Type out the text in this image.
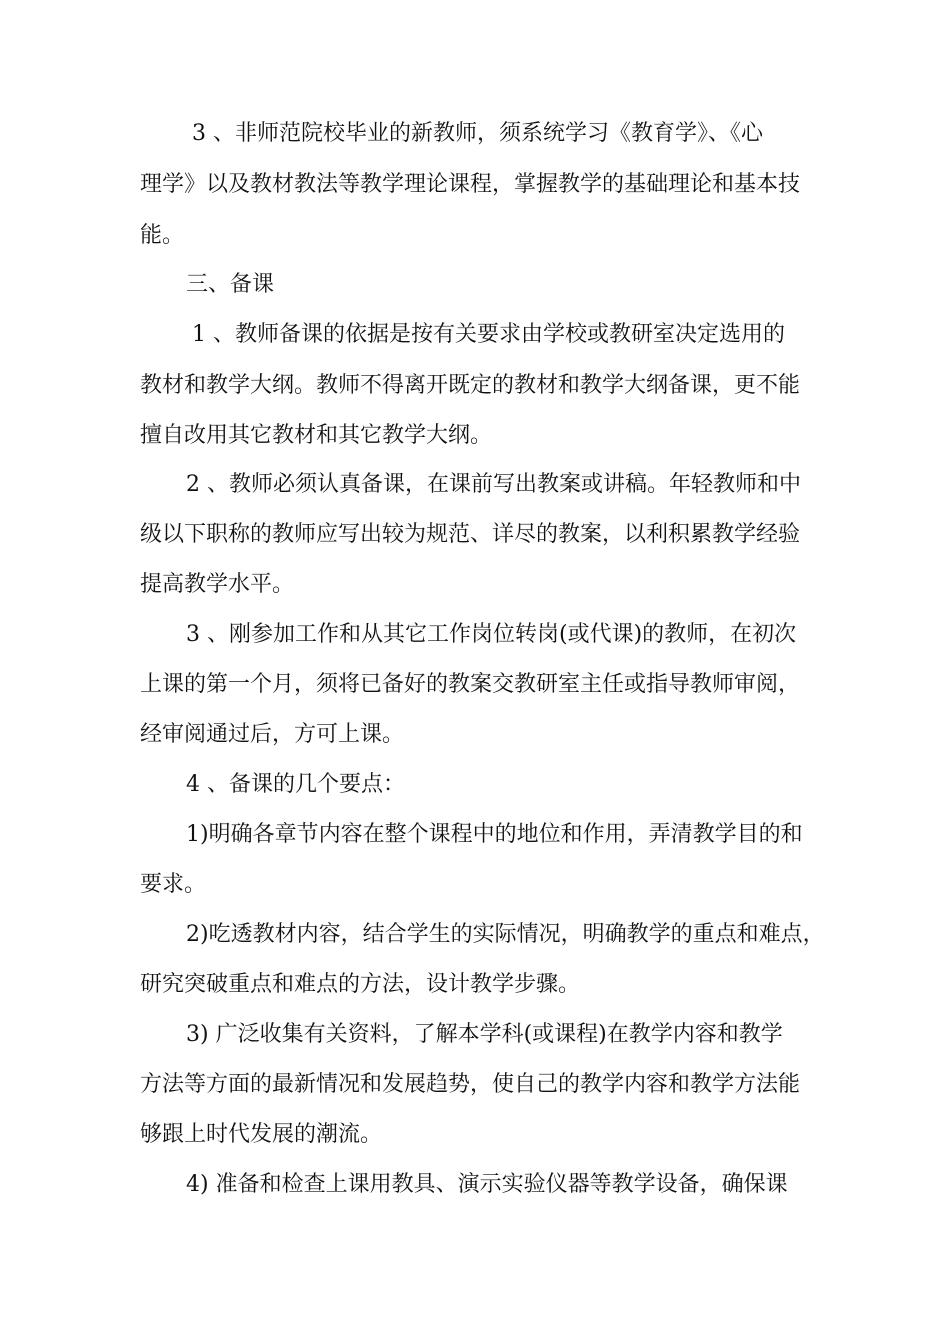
3 、非师范院校毕业的新教师，须系统学习《教育学》、《心
理学》以及教材教法等教学理论课程，掌握教学的基础理论和基本技
能。
三、备课
1 、教师备课的依据是按有关要求由学校或教研室决定选用的
教材和教学大纲。教师不得离开既定的教材和教学大纲备课，更不能
擅自改用其它教材和其它教学大纲。
2 、教师必须认真备课，在课前写出教案或讲稿。年轻教师和中
级以下职称的教师应写出较为规范、详尽的教案，以利积累教学经验
提高教学水平。
3 、刚参加工作和从其它工作岗位转岗(或代课)的教师，在初次
上课的第一个月，须将已备好的教案交教研室主任或指导教师审阅，
经审阅通过后，方可上课。
4 、备课的几个要点：
1)明确各章节内容在整个课程中的地位和作用，弄清教学目的和
要求。
2)吃透教材内容，结合学生的实际情况，明确教学的重点和难点，
研究突破重点和难点的方法，设计教学步骤。
3) 广泛收集有关资料，了解本学科(或课程)在教学内容和教学
方法等方面的最新情况和发展趋势，使自己的教学内容和教学方法能
够跟上时代发展的潮流。
4) 准备和检查上课用教具、演示实验仪器等教学设备，确保课
